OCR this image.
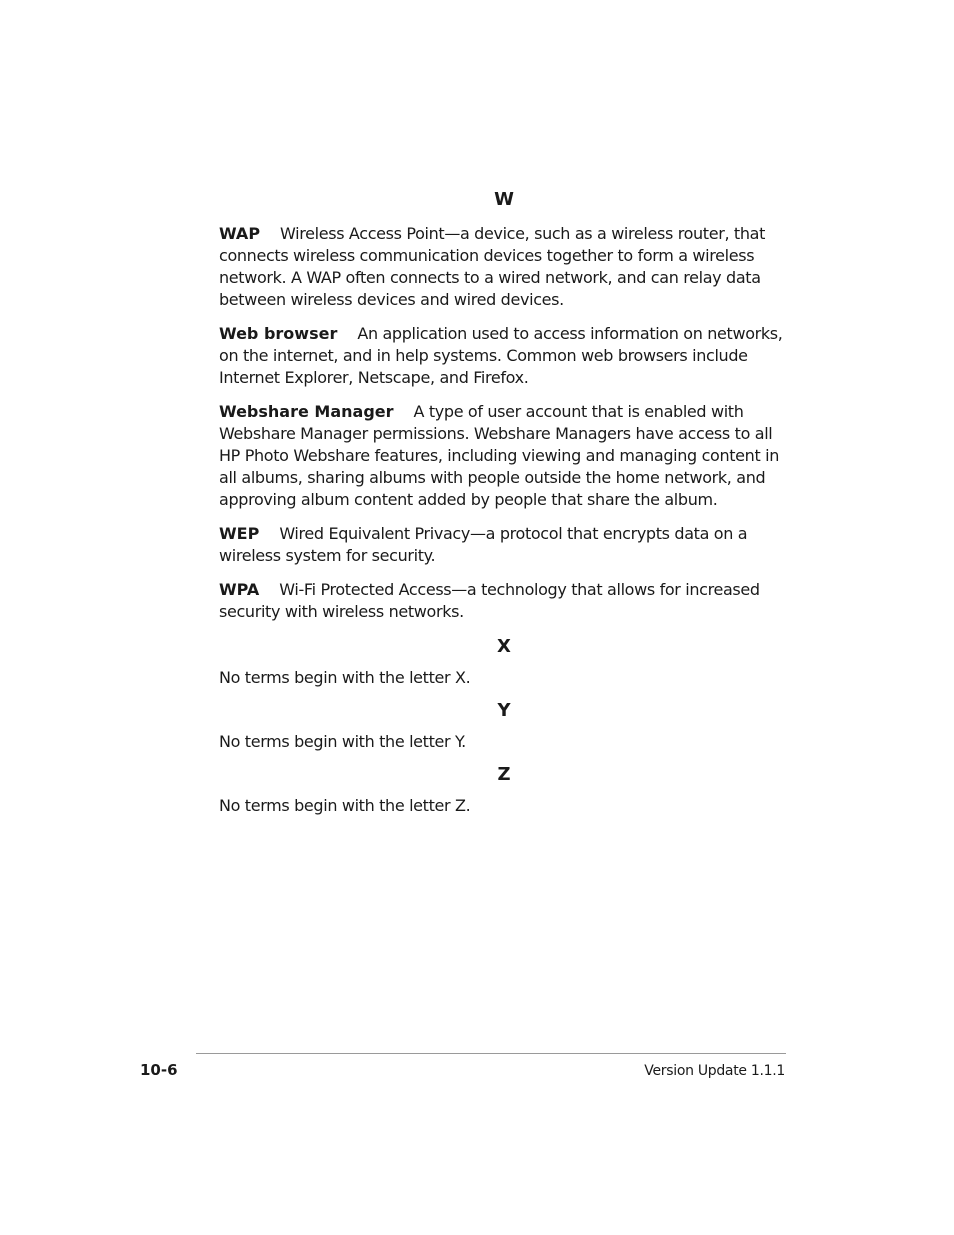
W

WAP Wireless Access Point—a device, such as a wireless router, that connects wireless communication devices together to form a wireless network. A WAP often connects to a wired network, and can relay data between wireless devices and wired devices.

Web browser An application used to access information on networks, on the internet, and in help systems. Common web browsers include Internet Explorer, Netscape, and Firefox.

Webshare Manager A type of user account that is enabled with Webshare Manager permissions. Webshare Managers have access to all HP Photo Webshare features, including viewing and managing content in all albums, sharing albums with people outside the home network, and approving album content added by people that share the album.

WEP Wired Equivalent Privacy—a protocol that encrypts data on a wireless system for security.

WPA Wi-Fi Protected Access—a technology that allows for increased security with wireless networks.

X

No terms begin with the letter X.

Y

No terms begin with the letter Y.

Z

No terms begin with the letter Z.

10-6	Version Update 1.1.1
